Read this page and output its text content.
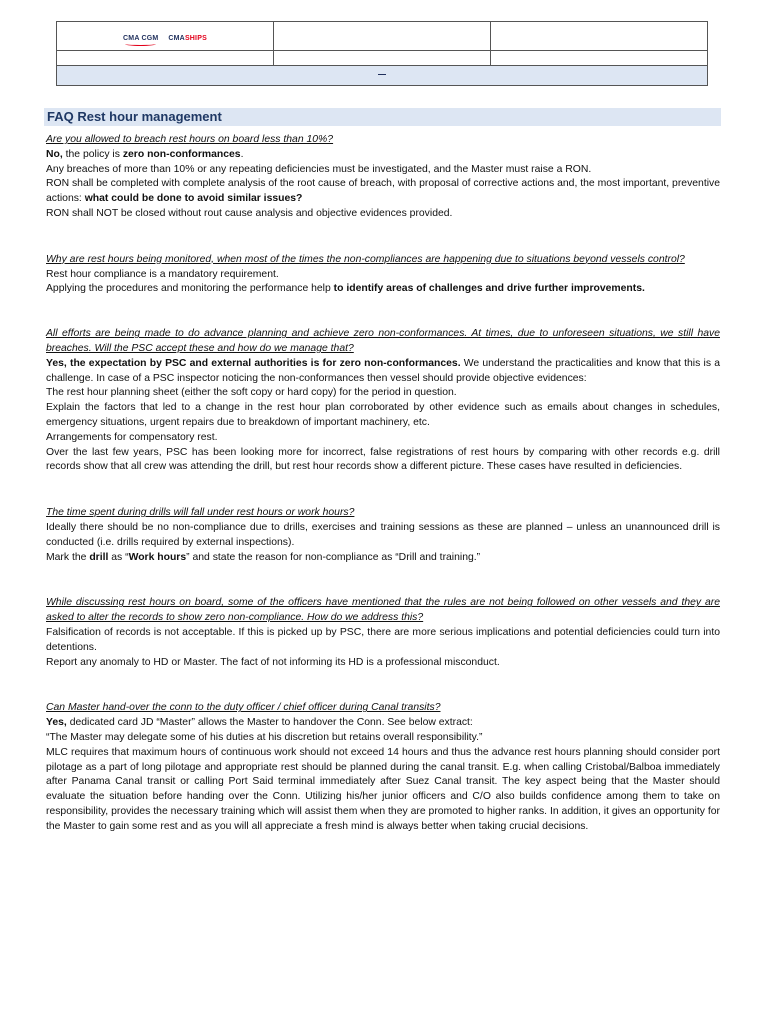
CMA CGM CMASHIPS		

FAQ Rest hour management

Are you allowed to breach rest hours on board less than 10%?

No, the policy is zero non-conformances.

Any breaches of more than 10% or any repeating deficiencies must be investigated, and the Master must raise a RON.

RON shall be completed with complete analysis of the root cause of breach, with proposal of corrective actions and, the most important, preventive actions: what could be done to avoid similar issues?

RON shall NOT be closed without rout cause analysis and objective evidences provided.

Why are rest hours being monitored, when most of the times the non-compliances are happening due to situations beyond vessels control?

Rest hour compliance is a mandatory requirement.

Applying the procedures and monitoring the performance help to identify areas of challenges and drive further improvements.

All efforts are being made to do advance planning and achieve zero non-conformances. At times, due to unforeseen situations, we still have breaches. Will the PSC accept these and how do we manage that?

Yes, the expectation by PSC and external authorities is for zero non-conformances. We understand the practicalities and know that this is a challenge. In case of a PSC inspector noticing the non-conformances then vessel should provide objective evidences:

The rest hour planning sheet (either the soft copy or hard copy) for the period in question.

Explain the factors that led to a change in the rest hour plan corroborated by other evidence such as emails about changes in schedules, emergency situations, urgent repairs due to breakdown of important machinery, etc.

Arrangements for compensatory rest.

Over the last few years, PSC has been looking more for incorrect, false registrations of rest hours by comparing with other records e.g. drill records show that all crew was attending the drill, but rest hour records show a different picture. These cases have resulted in deficiencies.

The time spent during drills will fall under rest hours or work hours?

Ideally there should be no non-compliance due to drills, exercises and training sessions as these are planned – unless an unannounced drill is conducted (i.e. drills required by external inspections).

Mark the drill as “Work hours” and state the reason for non-compliance as “Drill and training.”

While discussing rest hours on board, some of the officers have mentioned that the rules are not being followed on other vessels and they are asked to alter the records to show zero non-compliance. How do we address this?

Falsification of records is not acceptable. If this is picked up by PSC, there are more serious implications and potential deficiencies could turn into detentions.

Report any anomaly to HD or Master. The fact of not informing its HD is a professional misconduct.

Can Master hand-over the conn to the duty officer / chief officer during Canal transits?

Yes, dedicated card JD “Master” allows the Master to handover the Conn. See below extract:

“The Master may delegate some of his duties at his discretion but retains overall responsibility.”

MLC requires that maximum hours of continuous work should not exceed 14 hours and thus the advance rest hours planning should consider port pilotage as a part of long pilotage and appropriate rest should be planned during the canal transit. E.g. when calling Cristobal/Balboa immediately after Panama Canal transit or calling Port Said terminal immediately after Suez Canal transit. The key aspect being that the Master should evaluate the situation before handing over the Conn. Utilizing his/her junior officers and C/O also builds confidence among them to take on responsibility, provides the necessary training which will assist them when they are promoted to higher ranks. In addition, it gives an opportunity for the Master to gain some rest and as you will all appreciate a fresh mind is always better when taking crucial decisions.
